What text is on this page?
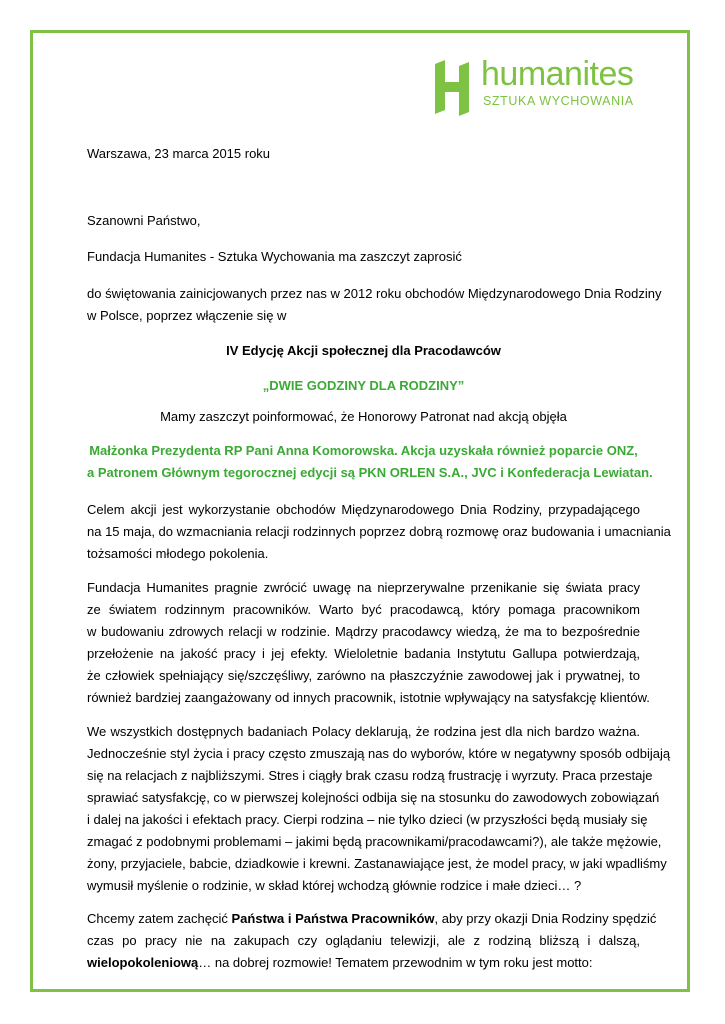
humanites
SZTUKA WYCHOWANIA
Warszawa, 23 marca 2015 roku
Szanowni Państwo,
Fundacja Humanites - Sztuka Wychowania ma zaszczyt zaprosić
do świętowania zainicjowanych przez nas w 2012 roku obchodów Międzynarodowego Dnia Rodziny
w Polsce, poprzez włączenie się w
IV Edycję Akcji społecznej dla Pracodawców
„DWIE GODZINY DLA RODZINY”
Mamy zaszczyt poinformować, że Honorowy Patronat nad akcją objęła
Małżonka Prezydenta RP Pani Anna Komorowska. Akcja uzyskała również poparcie ONZ,
a Patronem Głównym tegorocznej edycji są PKN ORLEN S.A., JVC i Konfederacja Lewiatan.
Celem akcji jest wykorzystanie obchodów Międzynarodowego Dnia Rodziny, przypadającego
na 15 maja, do wzmacniania relacji rodzinnych poprzez dobrą rozmowę oraz budowania i umacniania
tożsamości młodego pokolenia.
Fundacja Humanites pragnie zwrócić uwagę na nieprzerywalne przenikanie się świata pracy
ze światem rodzinnym pracowników. Warto być pracodawcą, który pomaga pracownikom
w budowaniu zdrowych relacji w rodzinie. Mądrzy pracodawcy wiedzą, że ma to bezpośrednie
przełożenie na jakość pracy i jej efekty. Wieloletnie badania Instytutu Gallupa potwierdzają,
że człowiek spełniający się/szczęśliwy, zarówno na płaszczyźnie zawodowej jak i prywatnej, to
również bardziej zaangażowany od innych pracownik, istotnie wpływający na satysfakcję klientów.
We wszystkich dostępnych badaniach Polacy deklarują, że rodzina jest dla nich bardzo ważna.
Jednocześnie styl życia i pracy często zmuszają nas do wyborów, które w negatywny sposób odbijają
się na relacjach z najbliższymi. Stres i ciągły brak czasu rodzą frustrację i wyrzuty. Praca przestaje
sprawiać satysfakcję, co w pierwszej kolejności odbija się na stosunku do zawodowych zobowiązań
i dalej na jakości i efektach pracy. Cierpi rodzina – nie tylko dzieci (w przyszłości będą musiały się
zmagać z podobnymi problemami – jakimi będą pracownikami/pracodawcami?), ale także mężowie,
żony, przyjaciele, babcie, dziadkowie i krewni. Zastanawiające jest, że model pracy, w jaki wpadliśmy
wymusił myślenie o rodzinie, w skład której wchodzą głównie rodzice i małe dzieci… ?
Chcemy zatem zachęcić Państwa i Państwa Pracowników, aby przy okazji Dnia Rodziny spędzić
czas po pracy nie na zakupach czy oglądaniu telewizji, ale z rodziną bliższą i dalszą,
wielopokoleniową… na dobrej rozmowie! Tematem przewodnim w tym roku jest motto:
